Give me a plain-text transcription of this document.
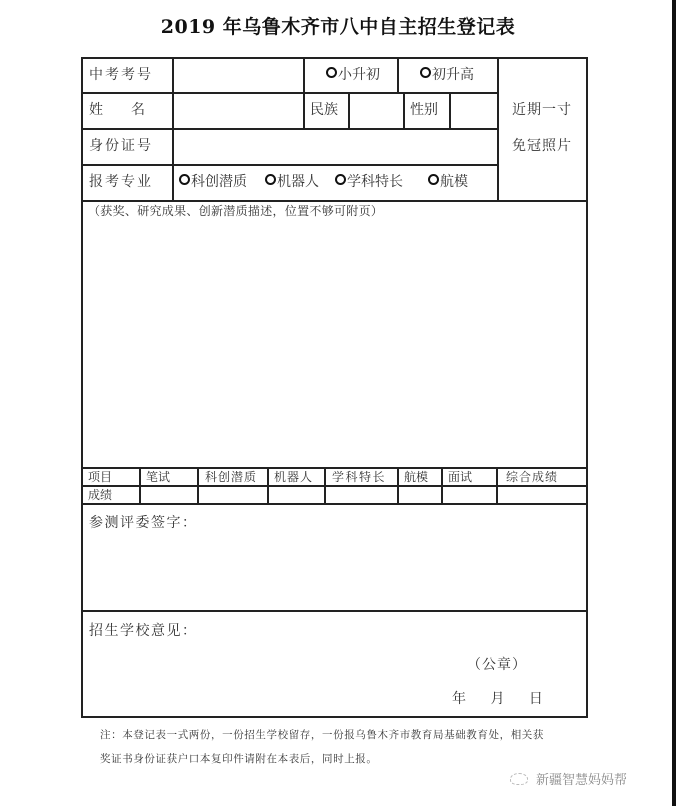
2019 年乌鲁木齐市八中自主招生登记表
中考考号	小升初	初升高
姓　　名	民族	性别
身份证号
报考专业	科创潜质	机器人	学科特长	航模
近期一寸
免冠照片
（获奖、研究成果、创新潜质描述，位置不够可附页）
项目	笔试	科创潜质 机器人 学科特长 航模 面试	综合成绩
成绩
参测评委签字：
招生学校意见：
（公章）
年　 月　 日
注：本登记表一式两份，一份招生学校留存，一份报乌鲁木齐市教育局基础教育处，相关获
奖证书身份证获户口本复印件请附在本表后，同时上报。
新疆智慧妈妈帮
